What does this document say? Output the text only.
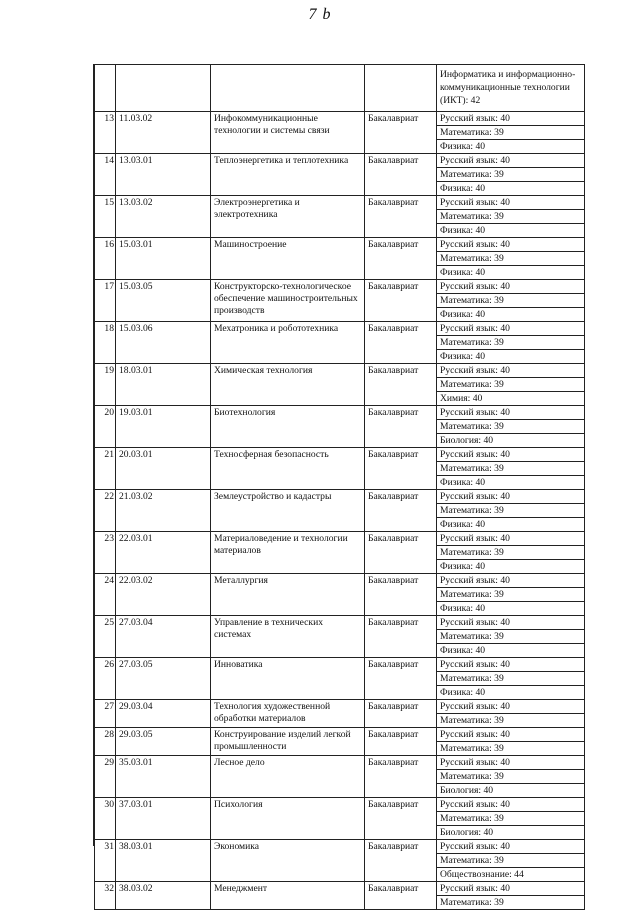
7 b
				Информатика и информационно-коммуникационные технологии (ИКТ): 42
13	11.03.02	Инфокоммуникационные технологии и системы связи	Бакалавриат	Русский язык: 40
				Математика: 39
				Физика: 40
14	13.03.01	Теплоэнергетика и теплотехника	Бакалавриат	Русский язык: 40
				Математика: 39
				Физика: 40
15	13.03.02	Электроэнергетика и электротехника	Бакалавриат	Русский язык: 40
				Математика: 39
				Физика: 40
16	15.03.01	Машиностроение	Бакалавриат	Русский язык: 40
				Математика: 39
				Физика: 40
17	15.03.05	Конструкторско-технологическое обеспечение машиностроительных производств	Бакалавриат	Русский язык: 40
				Математика: 39
				Физика: 40
18	15.03.06	Мехатроника и робототехника	Бакалавриат	Русский язык: 40
				Математика: 39
				Физика: 40
19	18.03.01	Химическая технология	Бакалавриат	Русский язык: 40
				Математика: 39
				Химия: 40
20	19.03.01	Биотехнология	Бакалавриат	Русский язык: 40
				Математика: 39
				Биология: 40
21	20.03.01	Техносферная безопасность	Бакалавриат	Русский язык: 40
				Математика: 39
				Физика: 40
22	21.03.02	Землеустройство и кадастры	Бакалавриат	Русский язык: 40
				Математика: 39
				Физика: 40
23	22.03.01	Материаловедение и технологии материалов	Бакалавриат	Русский язык: 40
				Математика: 39
				Физика: 40
24	22.03.02	Металлургия	Бакалавриат	Русский язык: 40
				Математика: 39
				Физика: 40
25	27.03.04	Управление в технических системах	Бакалавриат	Русский язык: 40
				Математика: 39
				Физика: 40
26	27.03.05	Инноватика	Бакалавриат	Русский язык: 40
				Математика: 39
				Физика: 40
27	29.03.04	Технология художественной обработки материалов	Бакалавриат	Русский язык: 40
				Математика: 39
28	29.03.05	Конструирование изделий легкой промышленности	Бакалавриат	Русский язык: 40
				Математика: 39
29	35.03.01	Лесное дело	Бакалавриат	Русский язык: 40
				Математика: 39
				Биология: 40
30	37.03.01	Психология	Бакалавриат	Русский язык: 40
				Математика: 39
				Биология: 40
31	38.03.01	Экономика	Бакалавриат	Русский язык: 40
				Математика: 39
				Обществознание: 44
32	38.03.02	Менеджмент	Бакалавриат	Русский язык: 40
				Математика: 39
